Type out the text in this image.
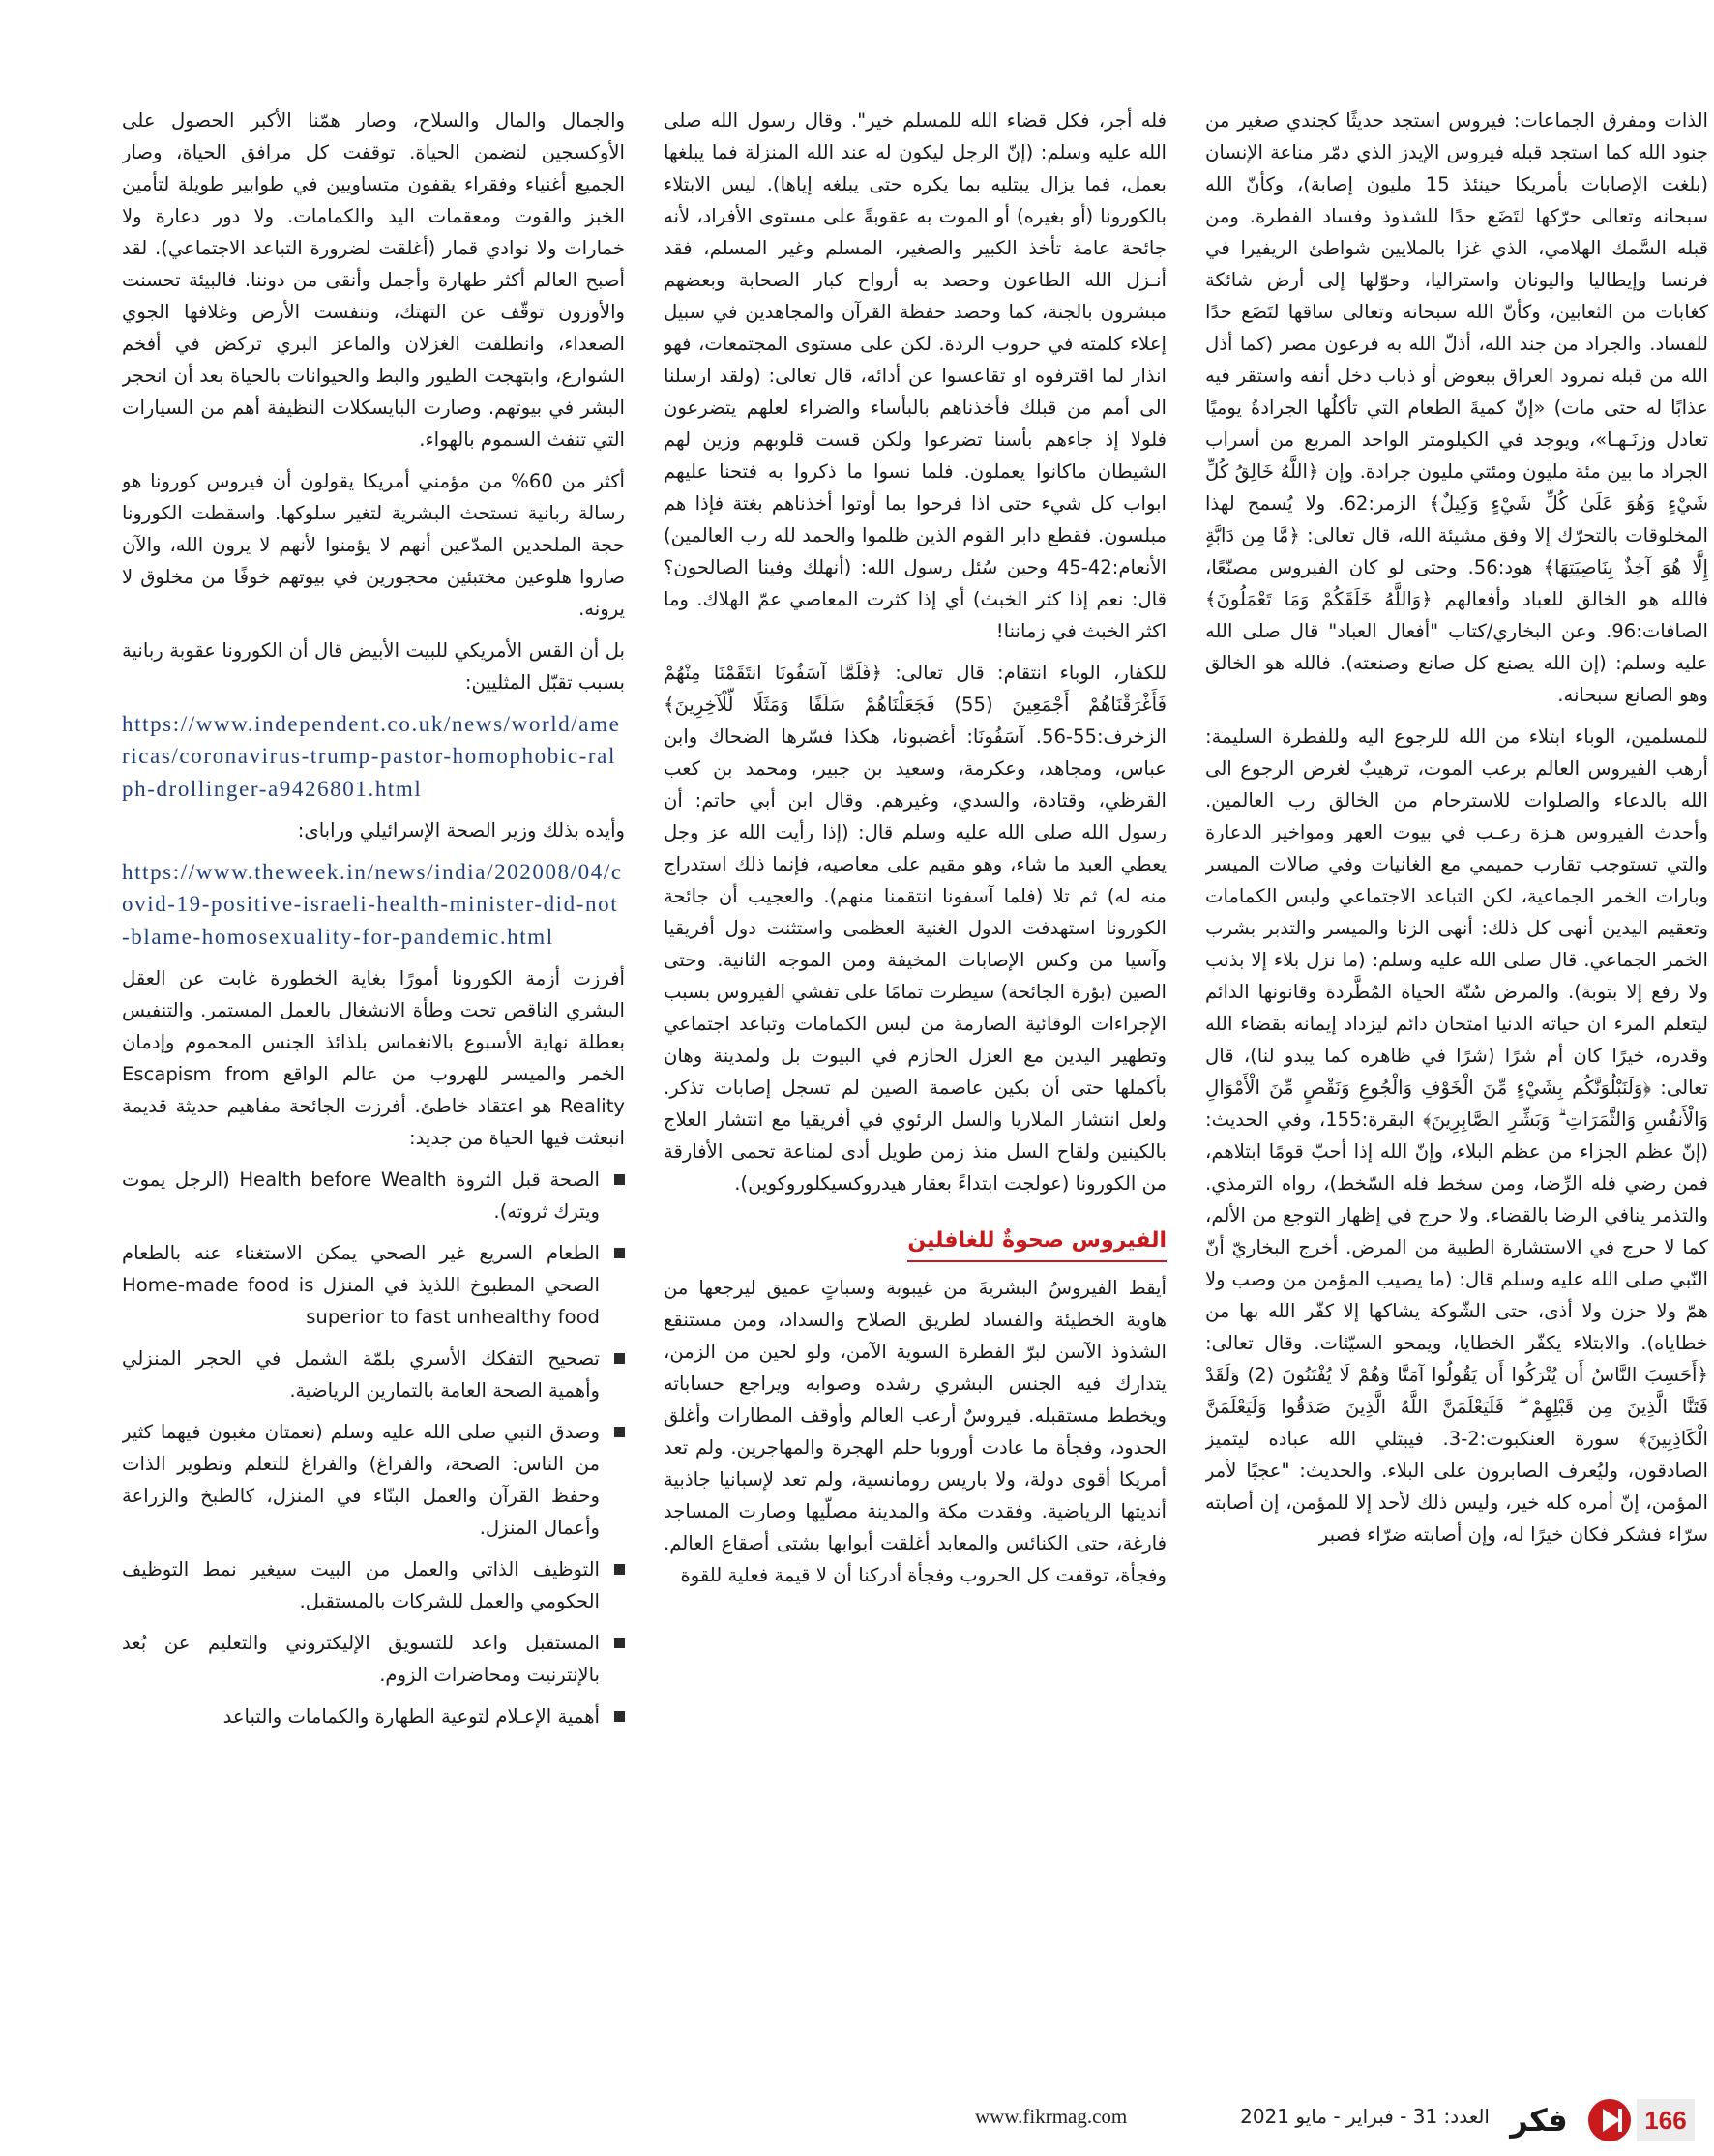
الذات ومفرق الجماعات: فيروس استجد حديثًا كجندي صغير من جنود الله كما استجد قبله فيروس الإيدز الذي دمّر مناعة الإنسان (بلغت الإصابات بأمريكا حينئذ 15 مليون إصابة)، وكأنّ الله سبحانه وتعالى حرّكها لتَضَع حدًا للشذوذ وفساد الفطرة. ومن قبله السَّمك الهلامي، الذي غزا بالملايين شواطئ الريفيرا في فرنسا وإيطاليا واليونان واستراليا، وحوّلها إلى أرض شائكة كغابات من الثعابين، وكأنّ الله سبحانه وتعالى ساقها لتَضَع حدًا للفساد. والجراد من جند الله، أذلّ الله به فرعون مصر (كما أذل الله من قبله نمرود العراق ببعوض أو ذباب دخل أنفه واستقر فيه عذابًا له حتى مات) «إنّ كميةَ الطعام التي تأكلُها الجرادةُ يوميًا تعادل وزنَـهـا»، ويوجد في الكيلومتر الواحد المربع من أسراب الجراد ما بين مئة مليون ومئتي مليون جرادة. وإن ﴿اللَّهُ خَالِقُ كُلِّ شَيْءٍ وَهُوَ عَلَىٰ كُلِّ شَيْءٍ وَكِيلٌ﴾ الزمر:62. ولا يُسمح لهذا المخلوقات بالتحرّك إلا وفق مشيئة الله، قال تعالى: ﴿مَّا مِن دَابَّةٍ إِلَّا هُوَ آخِذٌ بِنَاصِيَتِهَا﴾ هود:56. وحتى لو كان الفيروس مصنّعًا، فالله هو الخالق للعباد وأفعالهم ﴿وَاللَّهُ خَلَقَكُمْ وَمَا تَعْمَلُونَ﴾ الصافات:96. وعن البخاري/كتاب "أفعال العباد" قال صلى الله عليه وسلم: (إن الله يصنع كل صانع وصنعته). فالله هو الخالق وهو الصانع سبحانه.

للمسلمين، الوباء ابتلاء من الله للرجوع اليه وللفطرة السليمة: أرهب الفيروس العالم برعب الموت، ترهيبٌ لغرض الرجوع الى الله بالدعاء والصلوات للاسترحام من الخالق رب العالمين. وأحدث الفيروس هـزة رعـب في بيوت العهر ومواخير الدعارة والتي تستوجب تقارب حميمي مع الغانيات وفي صالات الميسر وبارات الخمر الجماعية، لكن التباعد الاجتماعي ولبس الكمامات وتعقيم اليدين أنهى كل ذلك: أنهى الزنا والميسر والتدبر بشرب الخمر الجماعي. قال صلى الله عليه وسلم: (ما نزل بلاء إلا بذنب ولا رفع إلا بتوبة). والمرض سُنّة الحياة المُطَّردة وقانونها الدائم ليتعلم المرء ان حياته الدنيا امتحان دائم ليزداد إيمانه بقضاء الله وقدره، خيرًا كان أم شرًا (شرًا في ظاهره كما يبدو لنا)، قال تعالى: ﴿وَلَنَبْلُوَنَّكُم بِشَيْءٍ مِّنَ الْخَوْفِ وَالْجُوعِ وَنَقْصٍ مِّنَ الْأَمْوَالِ وَالْأَنفُسِ وَالثَّمَرَاتِ ۗ وَبَشِّرِ الصَّابِرِينَ﴾ البقرة:155، وفي الحديث: (إنّ عظم الجزاء من عظم البلاء، وإنّ الله إذا أحبّ قومًا ابتلاهم، فمن رضي فله الرِّضا، ومن سخط فله السّخط)، رواه الترمذي. والتذمر ينافي الرضا بالقضاء. ولا حرج في إظهار التوجع من الألم، كما لا حرج في الاستشارة الطبية من المرض. أخرج البخاريّ أنّ النّبي صلى الله عليه وسلم قال: (ما يصيب المؤمن من وصب ولا همّ ولا حزن ولا أذى، حتى الشّوكة يشاكها إلا كفّر الله بها من خطاياه). والابتلاء يكفّر الخطايا، ويمحو السيّئات. وقال تعالى: ﴿أَحَسِبَ النَّاسُ أَن يُتْرَكُوا أَن يَقُولُوا آمَنَّا وَهُمْ لَا يُفْتَنُونَ (2) وَلَقَدْ فَتَنَّا الَّذِينَ مِن قَبْلِهِمْ ۖ فَلَيَعْلَمَنَّ اللَّهُ الَّذِينَ صَدَقُوا وَلَيَعْلَمَنَّ الْكَاذِبِينَ﴾ سورة العنكبوت:2-3. فيبتلي الله عباده ليتميز الصادقون، وليُعرف الصابرون على البلاء. والحديث: "عجبًا لأمر المؤمن، إنّ أمره كله خير، وليس ذلك لأحد إلا للمؤمن، إن أصابته سرّاء فشكر فكان خيرًا له، وإن أصابته ضرّاء فصبر

فله أجر، فكل قضاء الله للمسلم خير". وقال رسول الله صلى الله عليه وسلم: (إنّ الرجل ليكون له عند الله المنزلة فما يبلغها بعمل، فما يزال يبتليه بما يكره حتى يبلغه إياها). ليس الابتلاء بالكورونا (أو بغيره) أو الموت به عقوبةً على مستوى الأفراد، لأنه جائحة عامة تأخذ الكبير والصغير، المسلم وغير المسلم، فقد أنـزل الله الطاعون وحصد به أرواح كبار الصحابة وبعضهم مبشرون بالجنة، كما وحصد حفظة القرآن والمجاهدين في سبيل إعلاء كلمته في حروب الردة. لكن على مستوى المجتمعات، فهو انذار لما اقترفوه او تقاعسوا عن أدائه، قال تعالى: (ولقد ارسلنا الى أمم من قبلك فأخذناهم بالبأساء والضراء لعلهم يتضرعون فلولا إذ جاءهم بأسنا تضرعوا ولكن قست قلوبهم وزين لهم الشيطان ماكانوا يعملون. فلما نسوا ما ذكروا به فتحنا عليهم ابواب كل شيء حتى اذا فرحوا بما أوتوا أخذناهم بغتة فإذا هم مبلسون. فقطع دابر القوم الذين ظلموا والحمد لله رب العالمين) الأنعام:42-45 وحين سُئل رسول الله: (أنهلك وفينا الصالحون؟ قال: نعم إذا كثر الخبث) أي إذا كثرت المعاصي عمّ الهلاك. وما اكثر الخبث في زماننا!

للكفار، الوباء انتقام: قال تعالى: ﴿فَلَمَّا آسَفُونَا انتَقَمْنَا مِنْهُمْ فَأَغْرَقْنَاهُمْ أَجْمَعِينَ (55) فَجَعَلْنَاهُمْ سَلَفًا وَمَثَلًا لِّلْآخِرِينَ﴾ الزخرف:55-56. آسَفُونَا: أغضبونا، هكذا فسّرها الضحاك وابن عباس، ومجاهد، وعكرمة، وسعيد بن جبير، ومحمد بن كعب القرظي، وقتادة، والسدي، وغيرهم. وقال ابن أبي حاتم: أن رسول الله صلى الله عليه وسلم قال: (إذا رأيت الله عز وجل يعطي العبد ما شاء، وهو مقيم على معاصيه، فإنما ذلك استدراج منه له) ثم تلا (فلما آسفونا انتقمنا منهم). والعجيب أن جائحة الكورونا استهدفت الدول الغنية العظمى واستثنت دول أفريقيا وآسيا من وكس الإصابات المخيفة ومن الموجه الثانية. وحتى الصين (بؤرة الجائحة) سيطرت تمامًا على تفشي الفيروس بسبب الإجراءات الوقائية الصارمة من لبس الكمامات وتباعد اجتماعي وتطهير اليدين مع العزل الحازم في البيوت بل ولمدينة وهان بأكملها حتى أن بكين عاصمة الصين لم تسجل إصابات تذكر. ولعل انتشار الملاريا والسل الرئوي في أفريقيا مع انتشار العلاج بالكينين ولقاح السل منذ زمن طويل أدى لمناعة تحمى الأفارقة من الكورونا (عولجت ابتداءً بعقار هيدروكسيكلوروكوين).

الفيروس صحوةٌ للغافلين

أيقظ الفيروسُ البشريةَ من غيبوبة وسباتٍ عميق ليرجعها من هاوية الخطيئة والفساد لطريق الصلاح والسداد، ومن مستنقع الشذوذ الآسن لبرّ الفطرة السوية الآمن، ولو لحين من الزمن، يتدارك فيه الجنس البشري رشده وصوابه ويراجع حساباته ويخطط مستقبله. فيروسٌ أرعب العالم وأوقف المطارات وأغلق الحدود، وفجأة ما عادت أوروبا حلم الهجرة والمهاجرين. ولم تعد أمريكا أقوى دولة، ولا باريس رومانسية، ولم تعد لإسبانيا جاذبية أنديتها الرياضية. وفقدت مكة والمدينة مصلّيها وصارت المساجد فارغة، حتى الكنائس والمعابد أغلقت أبوابها بشتى أصقاع العالم. وفجأة، توقفت كل الحروب وفجأة أدركنا أن لا قيمة فعلية للقوة

والجمال والمال والسلاح، وصار همّنا الأكبر الحصول على الأوكسجين لنضمن الحياة. توقفت كل مرافق الحياة، وصار الجميع أغنياء وفقراء يقفون متساويين في طوابير طويلة لتأمين الخبز والقوت ومعقمات اليد والكمامات. ولا دور دعارة ولا خمارات ولا نوادي قمار (أغلقت لضرورة التباعد الاجتماعي). لقد أصبح العالم أكثر طهارة وأجمل وأنقى من دوننا. فالبيئة تحسنت والأوزون توقّف عن التهتك، وتنفست الأرض وغلافها الجوي الصعداء، وانطلقت الغزلان والماعز البري تركض في أفخم الشوارع، وابتهجت الطيور والبط والحيوانات بالحياة بعد أن انحجر البشر في بيوتهم. وصارت البايسكلات النظيفة أهم من السيارات التي تنفث السموم بالهواء.

أكثر من 60% من مؤمني أمريكا يقولون أن فيروس كورونا هو رسالة ربانية تستحث البشرية لتغير سلوكها. واسقطت الكورونا حجة الملحدين المدّعين أنهم لا يؤمنوا لأنهم لا يرون الله، والآن صاروا هلوعين مختبئين محجورين في بيوتهم خوفًا من مخلوق لا يرونه.

بل أن القس الأمريكي للبيت الأبيض قال أن الكورونا عقوبة ربانية بسبب تقبّل المثليين:

https://www.independent.co.uk/news/world/americas/coronavirus-trump-pastor-homophobic-ralph-drollinger-a9426801.html

وأيده بذلك وزير الصحة الإسرائيلي ورابای:

https://www.theweek.in/news/india/202008/04/covid-19-positive-israeli-health-minister-did-not-blame-homosexuality-for-pandemic.html

أفرزت أزمة الكورونا أمورًا بغاية الخطورة غابت عن العقل البشري الناقص تحت وطأة الانشغال بالعمل المستمر. والتنفيس بعطلة نهاية الأسبوع بالانغماس بلذائذ الجنس المحموم وإدمان الخمر والميسر للهروب من عالم الواقع Escapism from Reality هو اعتقاد خاطئ. أفرزت الجائحة مفاهيم حديثة قديمة انبعثت فيها الحياة من جديد:

الصحة قبل الثروة Health before Wealth (الرجل يموت ويترك ثروته).
الطعام السريع غير الصحي يمكن الاستغناء عنه بالطعام الصحي المطبوخ اللذيذ في المنزل Home-made food is superior to fast unhealthy food
تصحيح التفكك الأسري بلمّة الشمل في الحجر المنزلي وأهمية الصحة العامة بالتمارين الرياضية.
وصدق النبي صلى الله عليه وسلم (نعمتان مغبون فيهما كثير من الناس: الصحة، والفراغ) والفراغ للتعلم وتطوير الذات وحفظ القرآن والعمل البنّاء في المنزل، كالطبخ والزراعة وأعمال المنزل.
التوظيف الذاتي والعمل من البيت سيغير نمط التوظيف الحكومي والعمل للشركات بالمستقبل.
المستقبل واعد للتسويق الإليكتروني والتعليم عن بُعد بالإنترنيت ومحاضرات الزوم.
أهمية الإعـلام لتوعية الطهارة والكمامات والتباعد
www.fikrmag.com	العدد: 31 - فبراير - مايو 2021 فكر	166
